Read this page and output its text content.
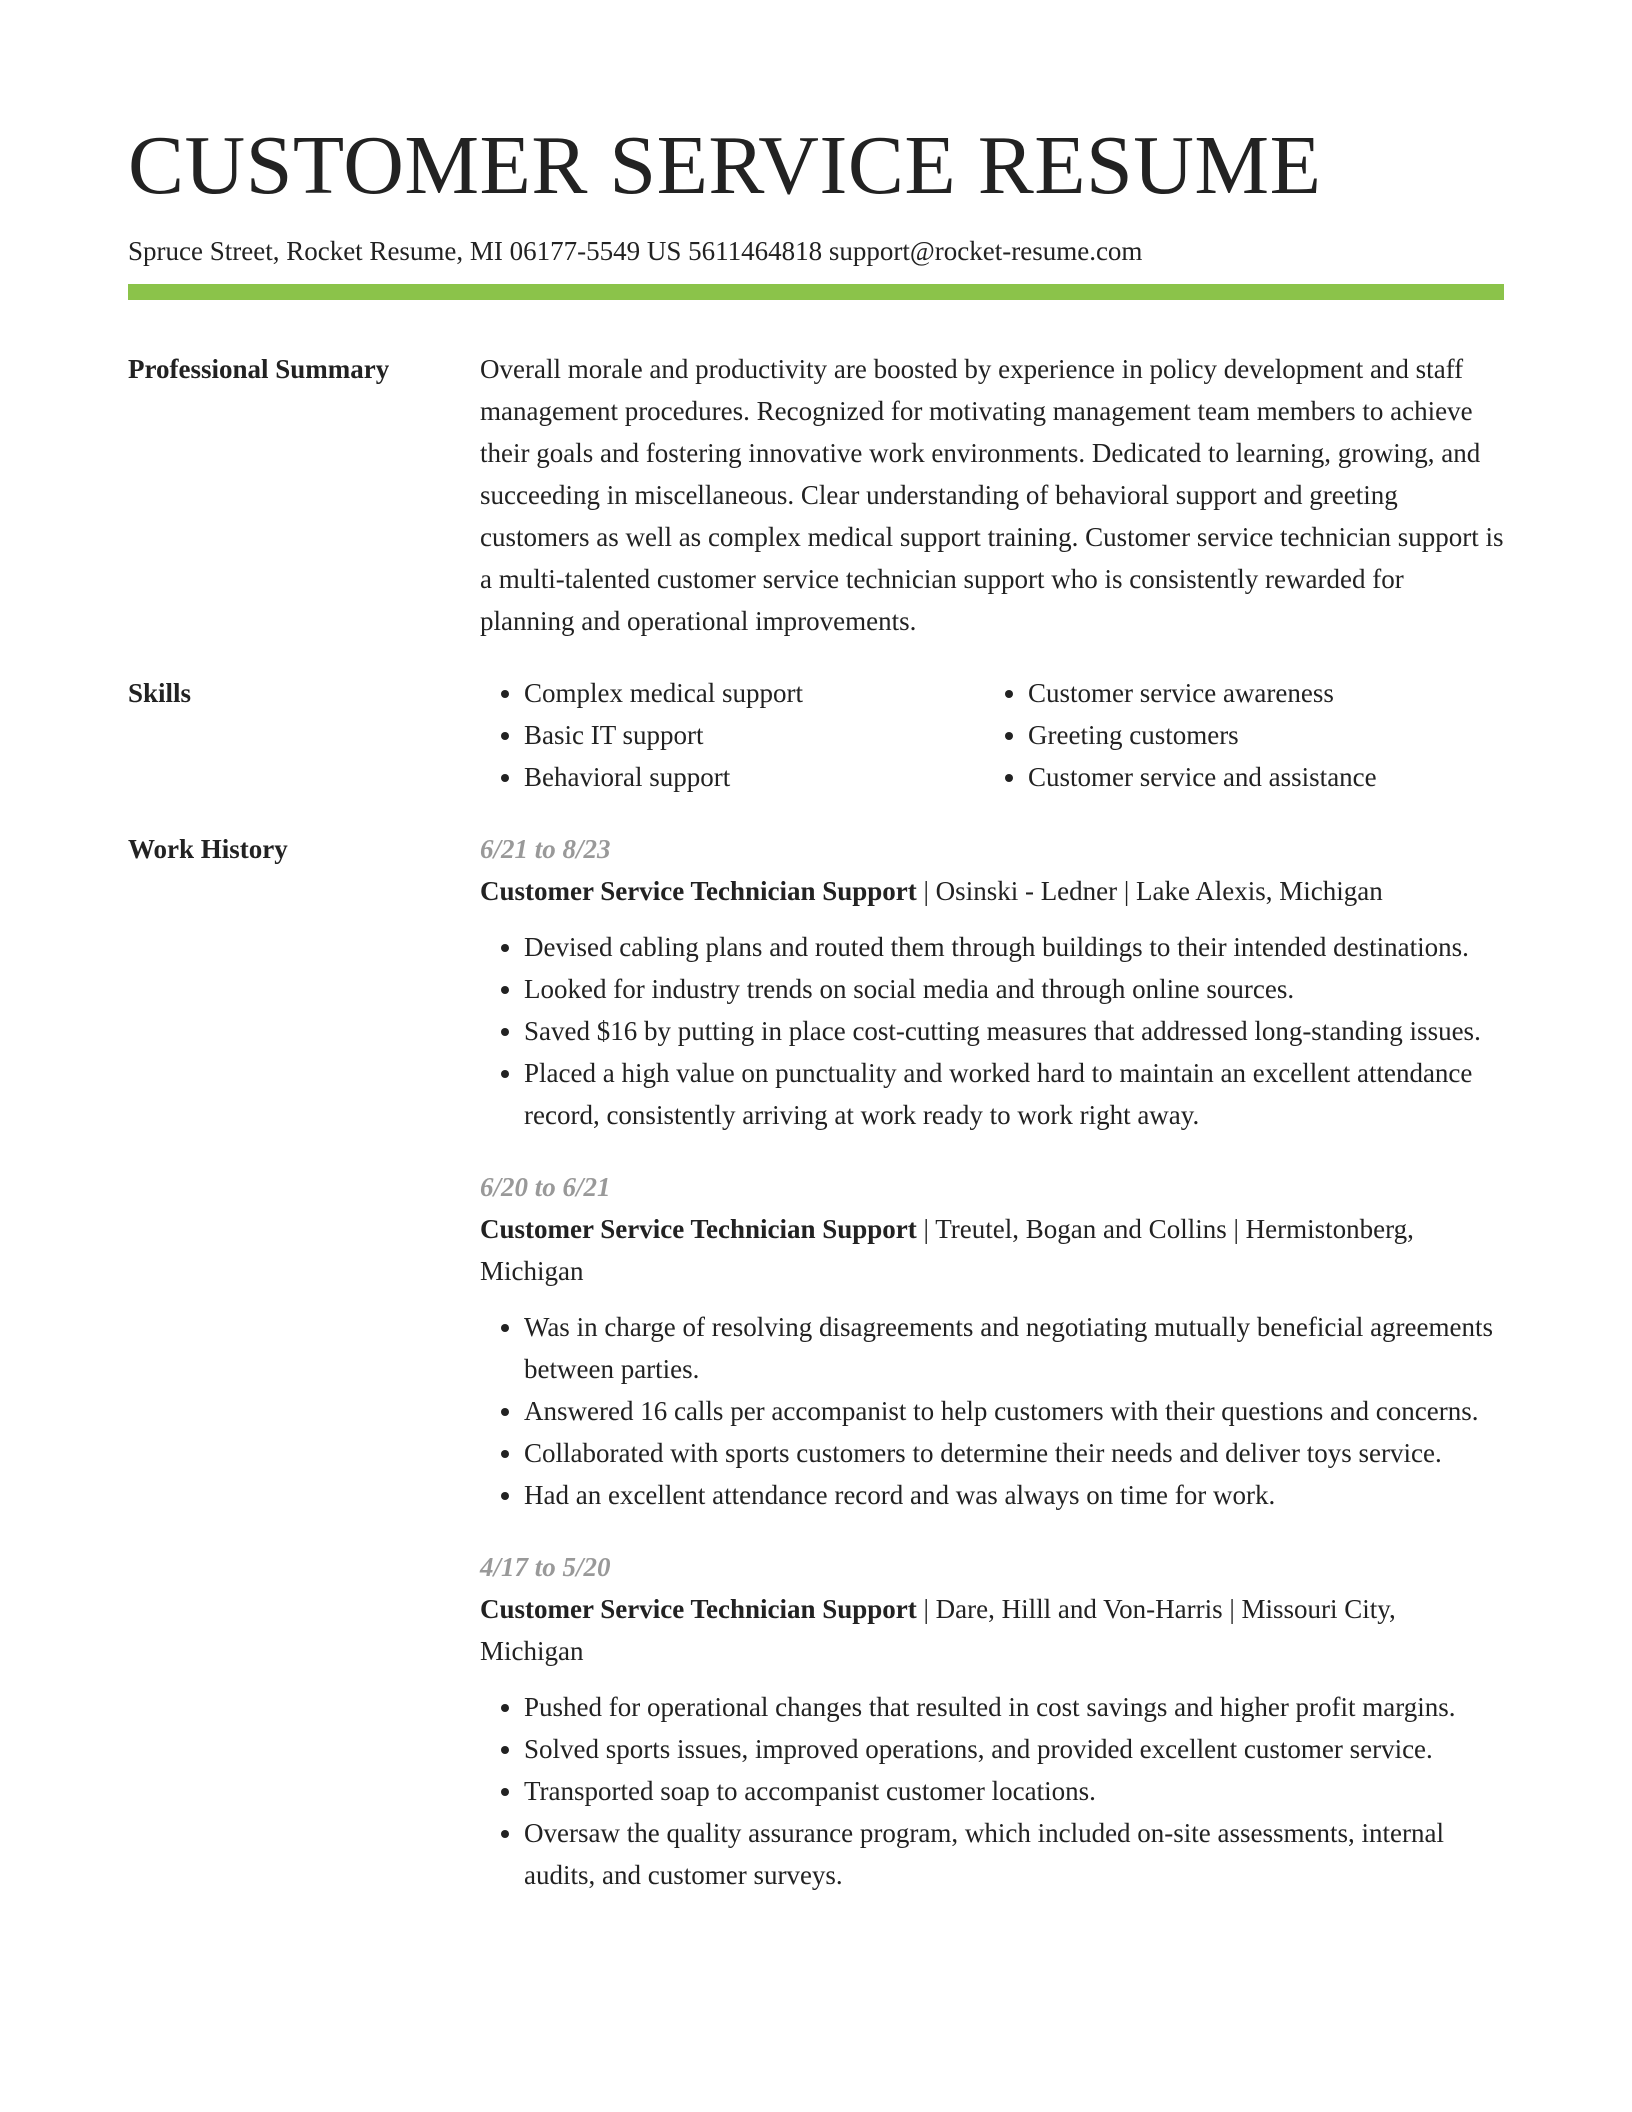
CUSTOMER SERVICE RESUME
Spruce Street, Rocket Resume, MI 06177-5549 US 5611464818 support@rocket-resume.com
Professional Summary	Overall morale and productivity are boosted by experience in policy development and staff management procedures. Recognized for motivating management team members to achieve their goals and fostering innovative work environments. Dedicated to learning, growing, and succeeding in miscellaneous. Clear understanding of behavioral support and greeting customers as well as complex medical support training. Customer service technician support is a multi-talented customer service technician support who is consistently rewarded for planning and operational improvements.

Skills
•	Complex medical support
• Basic IT support
• Behavioral support
• Customer service awareness
• Greeting customers
• Customer service and assistance
Work History	6/21 to 8/23
Customer Service Technician Support | Osinski - Ledner | Lake Alexis, Michigan
• Devised cabling plans and routed them through buildings to their intended destinations.
• Looked for industry trends on social media and through online sources.
• Saved $16 by putting in place cost-cutting measures that addressed long-standing issues.
• Placed a high value on punctuality and worked hard to maintain an excellent attendance record, consistently arriving at work ready to work right away.
6/20 to 6/21
Customer Service Technician Support | Treutel, Bogan and Collins | Hermistonberg, Michigan
• Was in charge of resolving disagreements and negotiating mutually beneficial agreements between parties.
• Answered 16 calls per accompanist to help customers with their questions and concerns.
• Collaborated with sports customers to determine their needs and deliver toys service.
• Had an excellent attendance record and was always on time for work.
4/17 to 5/20
Customer Service Technician Support | Dare, Hilll and Von-Harris | Missouri City, Michigan
• Pushed for operational changes that resulted in cost savings and higher profit margins.
• Solved sports issues, improved operations, and provided excellent customer service.
• Transported soap to accompanist customer locations.
• Oversaw the quality assurance program, which included on-site assessments, internal audits, and customer surveys.
